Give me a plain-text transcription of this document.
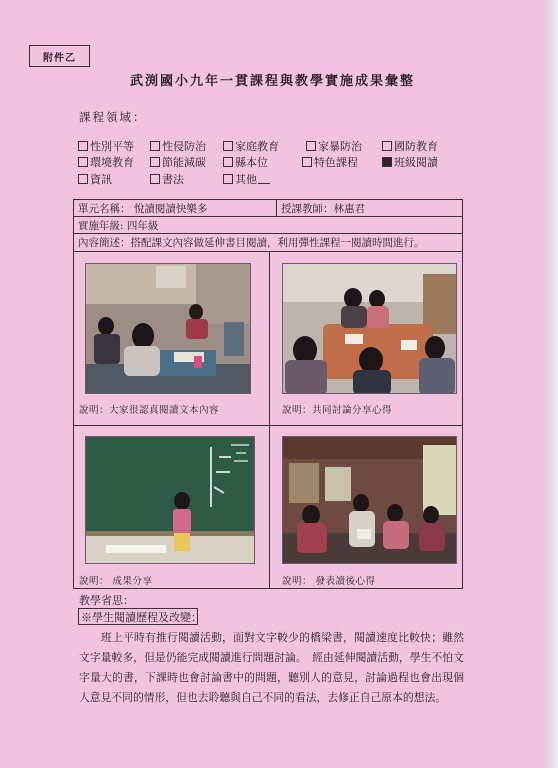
附件乙
武渕國小九年一貫課程與教學實施成果彙整
課程領域：
性別平等	性侵防治	家庭教育	家暴防治	國防教育
環境教育	節能減碳	縣本位	特色課程	班級閱讀
資訊	書法	其他
單元名稱：
悅讀閱讀快樂多	授課教師： 林惠君
實施年級:
四年級
內容簡述： 搭配課文內容做延伸書目閱讀，利用彈性課程一閱讀時間進行。
說明：大家很認真閱讀文本內容	說明：共同討論分享心得
說明： 成果分享	說明： 發表讀後心得
教學省思：
※學生閱讀歷程及改變：
班上平時有推行閱讀活動，面對文字較少的橋梁書，閱讀速度比較快；雖然文字量較多，但是仍能完成閱讀進行問題討論。　經由延伸閱讀活動，學生不怕文字量大的書，下課時也會討論書中的問題，聽別人的意見，討論過程也會出現個人意見不同的情形，但也去聆聽與自己不同的看法，去修正自己原本的想法。
